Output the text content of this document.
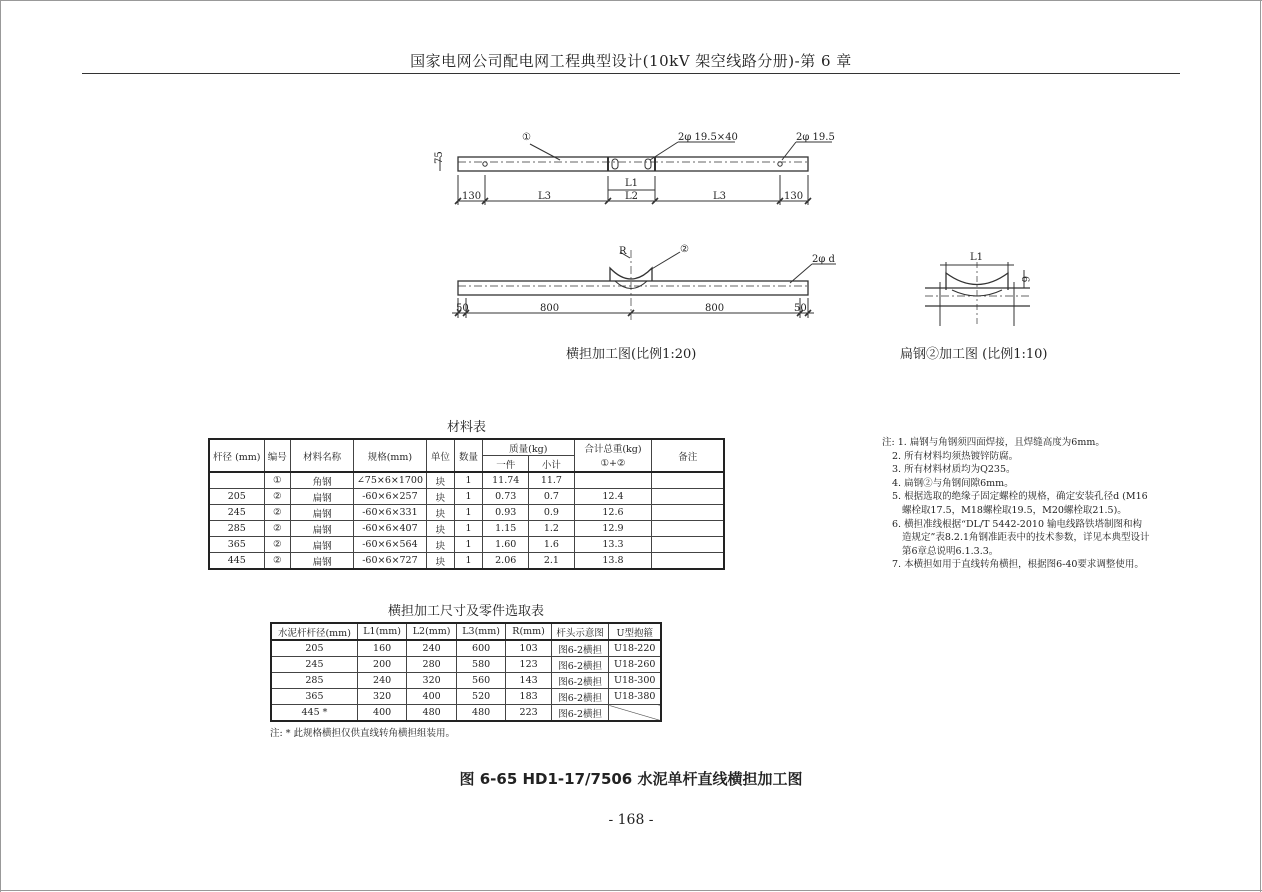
国家电网公司配电网工程典型设计(10kV 架空线路分册)-第 6 章
①	2φ 19.5×40	2φ 19.5
75
L1
130	L3	L2	L3	130
R	②
2φ d
50	800	800	50
L1
6
横担加工图(比例1:20)	扁钢②加工图 (比例1:10)
材料表
杆径 (mm)	编号	材料名称	规格(mm)	单位	数量	质量(kg)		合计总重(kg)	备注
						一件	小计	①+②	
	①	角钢	∠75×6×1700	块	1	11.74	11.7		
205	②	扁钢	-60×6×257	块	1	0.73	0.7	12.4	
245	②	扁钢	-60×6×331	块	1	0.93	0.9	12.6	
285	②	扁钢	-60×6×407	块	1	1.15	1.2	12.9	
365	②	扁钢	-60×6×564	块	1	1.60	1.6	13.3	
445	②	扁钢	-60×6×727	块	1	2.06	2.1	13.8	
横担加工尺寸及零件选取表
水泥杆杆径(mm)	L1(mm)	L2(mm)	L3(mm)	R(mm)	杆头示意图	U型抱箍
205	160	240	600	103	图6-2横担	U18-220
245	200	280	580	123	图6-2横担	U18-260
285	240	320	560	143	图6-2横担	U18-300
365	320	400	520	183	图6-2横担	U18-380
445 *	400	480	480	223	图6-2横担	
注: * 此规格横担仅供直线转角横担组装用。
注: 1. 扁钢与角钢须四面焊接，且焊缝高度为6mm。
2. 所有材料均须热镀锌防腐。
3. 所有材料材质均为Q235。
4. 扁钢②与角钢间隙6mm。
5. 根据选取的绝缘子固定螺栓的规格，确定安装孔径d (M16螺栓取17.5，M18螺栓取19.5，M20螺栓取21.5)。
6. 横担准线根据“DL/T 5442-2010 输电线路铁塔制图和构造规定”表8.2.1角钢准距表中的技术参数，详见本典型设计第6章总说明6.1.3.3。
7. 本横担如用于直线转角横担，根据图6-40要求调整使用。
图 6-65 HD1-17/7506 水泥单杆直线横担加工图
- 168 -
